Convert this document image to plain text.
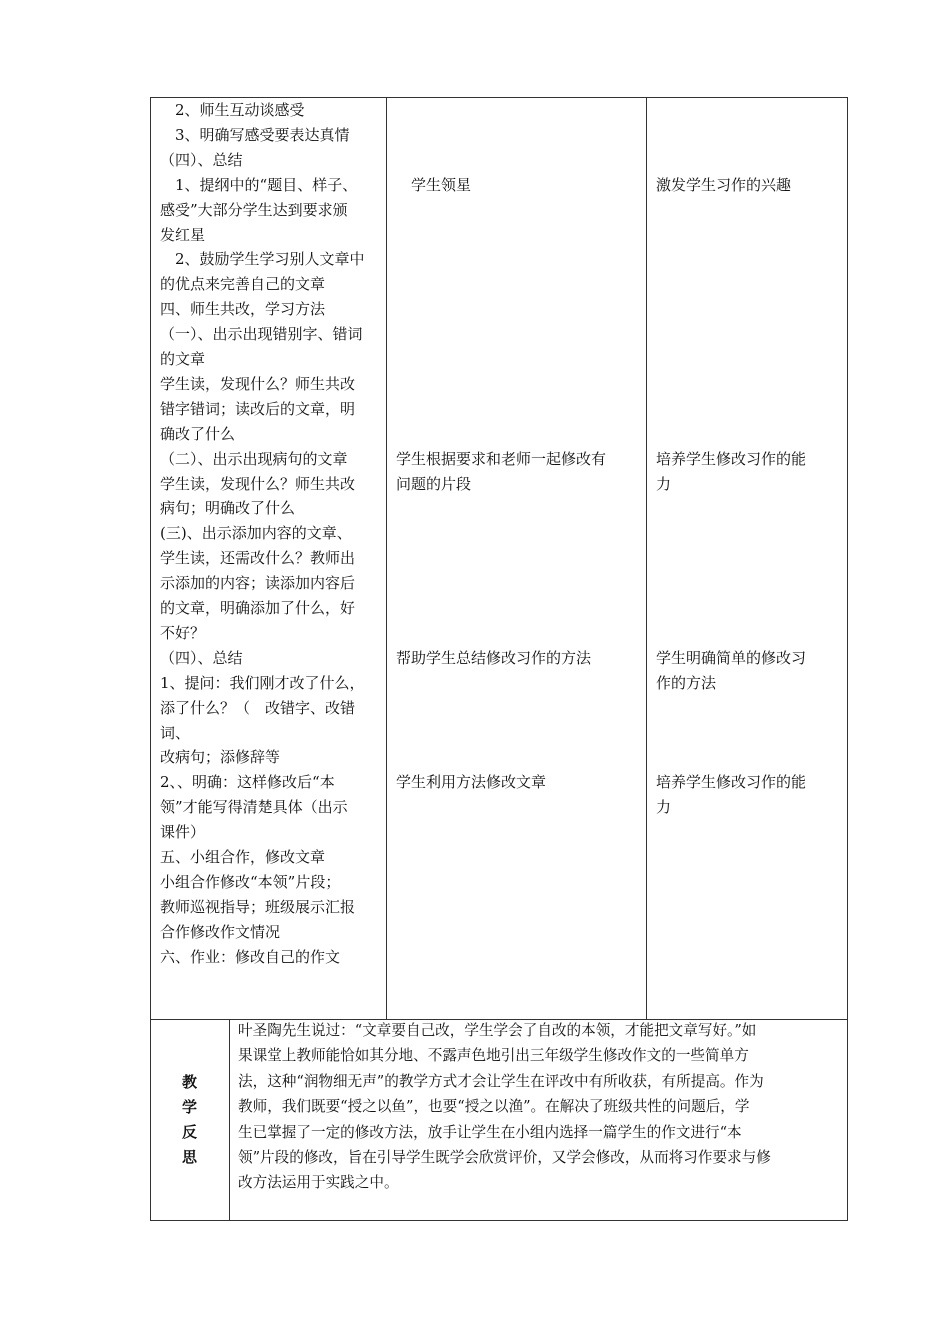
　2、师生互动谈感受
　3、明确写感受要表达真情
（四）、总结
　1、提纲中的“题目、样子、
感受”大部分学生达到要求颁
发红星
　2、鼓励学生学习别人文章中
的优点来完善自己的文章
四、师生共改，学习方法
（一）、出示出现错别字、错词
的文章
学生读，发现什么？师生共改
错字错词；读改后的文章，明
确改了什么
（二）、出示出现病句的文章
学生读，发现什么？师生共改
病句；明确改了什么
(三)、出示添加内容的文章、
学生读，还需改什么？教师出
示添加的内容；读添加内容后
的文章，明确添加了什么，好
不好？
（四）、总结
1、提问：我们刚才改了什么，
添了什么？（　改错字、改错
词、
改病句；添修辞等
2、、明确：这样修改后“本
领”才能写得清楚具体（出示
课件）
五、小组合作，修改文章
小组合作修改“本领”片段；
教师巡视指导；班级展示汇报
合作修改作文情况
六、作业：修改自己的作文
　学生领星
学生根据要求和老师一起修改有
问题的片段
帮助学生总结修改习作的方法
学生利用方法修改文章
激发学生习作的兴趣
培养学生修改习作的能
力
学生明确简单的修改习
作的方法
培养学生修改习作的能
力
教
学
反
思
叶圣陶先生说过：“文章要自己改，学生学会了自改的本领，才能把文章写好。”如
果课堂上教师能恰如其分地、不露声色地引出三年级学生修改作文的一些简单方
法，这种“润物细无声”的教学方式才会让学生在评改中有所收获，有所提高。作为
教师，我们既要“授之以鱼”，也要“授之以渔”。在解决了班级共性的问题后，学
生已掌握了一定的修改方法，放手让学生在小组内选择一篇学生的作文进行“本
领”片段的修改，旨在引导学生既学会欣赏评价，又学会修改，从而将习作要求与修
改方法运用于实践之中。
